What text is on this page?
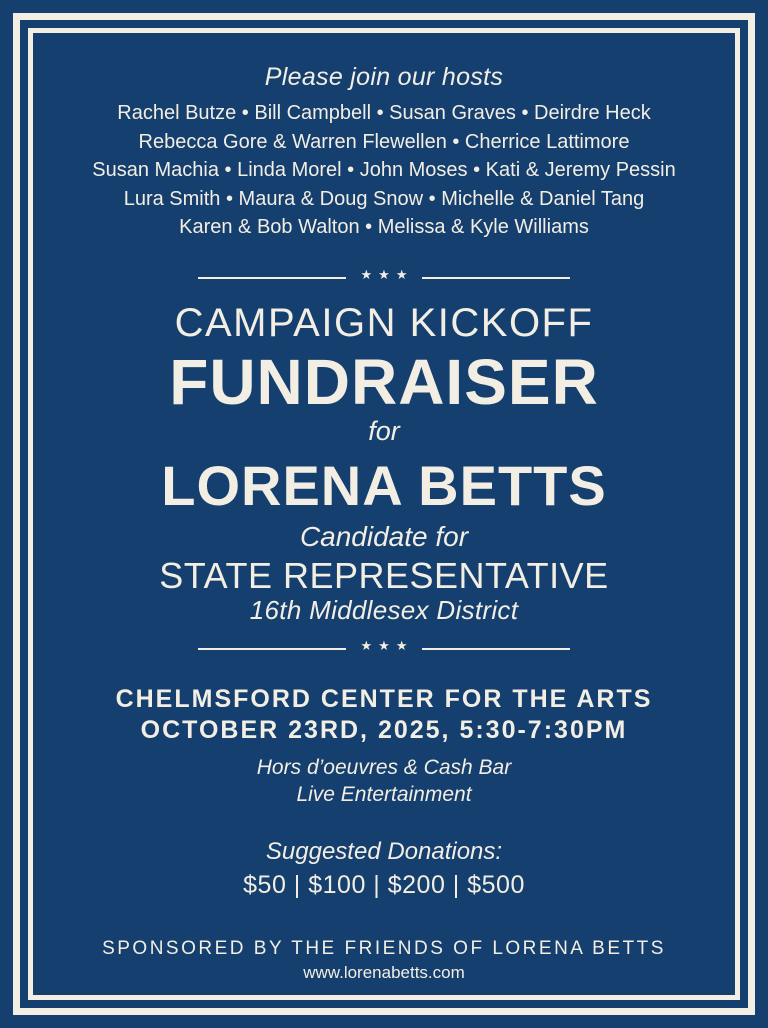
Please join our hosts
Rachel Butze • Bill Campbell • Susan Graves • Deirdre Heck
Rebecca Gore & Warren Flewellen • Cherrice Lattimore
Susan Machia • Linda Morel • John Moses • Kati & Jeremy Pessin
Lura Smith • Maura & Doug Snow • Michelle & Daniel Tang
Karen & Bob Walton • Melissa & Kyle Williams
★★★
CAMPAIGN KICKOFF
FUNDRAISER
for
LORENA BETTS
Candidate for
STATE REPRESENTATIVE
16th Middlesex District
★★★
CHELMSFORD CENTER FOR THE ARTS
OCTOBER 23RD, 2025, 5:30-7:30PM
Hors d’oeuvres & Cash Bar
Live Entertainment
Suggested Donations:
$50 | $100 | $200 | $500
SPONSORED BY THE FRIENDS OF LORENA BETTS
www.lorenabetts.com
